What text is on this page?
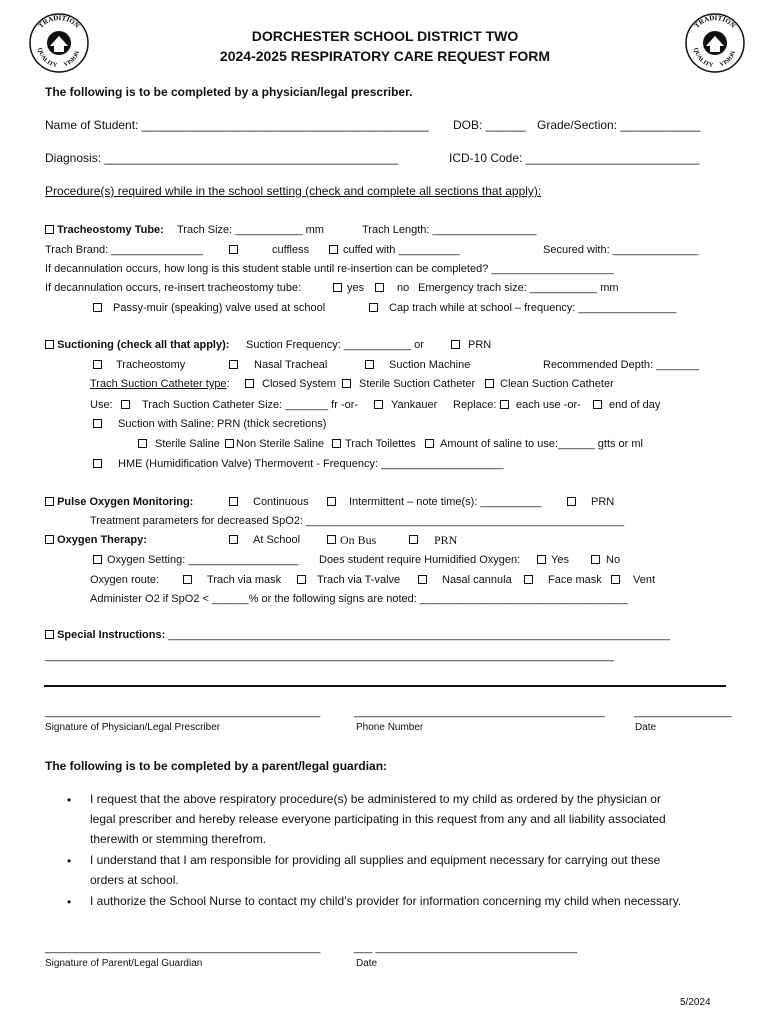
TRADITION
QUALITY VISION
TRADITION
QUALITY VISION
DORCHESTER SCHOOL DISTRICT TWO
2024-2025 RESPIRATORY CARE REQUEST FORM
The following is to be completed by a physician/legal prescriber.
Name of Student: ___________________________________________ DOB: ______ Grade/Section: ____________
Diagnosis: ____________________________________________	ICD-10 Code: __________________________
Procedure(s) required while in the school setting (check and complete all sections that apply):
Tracheostomy Tube: Trach Size: ___________ mm	Trach Length: _________________
Trach Brand: _______________	cuffless	cuffed with __________	Secured with: ______________
If decannulation occurs, how long is this student stable until re-insertion can be completed? ____________________
If decannulation occurs, re-insert tracheostomy tube:	yes	no Emergency trach size: ___________ mm
Passy-muir (speaking) valve used at school	Cap trach while at school – frequency: ________________
Suctioning (check all that apply): Suction Frequency: ___________ or	PRN
Tracheostomy	Nasal Tracheal	Suction Machine	Recommended Depth: _______
Trach Suction Catheter type:	Closed System Sterile Suction Catheter Clean Suction Catheter
Use:	Trach Suction Catheter Size: _______ fr -or-	Yankauer Replace: each use -or-	end of day
Suction with Saline: PRN (thick secretions)
Sterile Saline Non Sterile Saline Trach Toilettes Amount of saline to use:______ gtts or ml
HME (Humidification Valve) Thermovent - Frequency: ____________________
Pulse Oxygen Monitoring:	Continuous	Intermittent – note time(s): __________	PRN
Treatment parameters for decreased SpO2: ____________________________________________________
Oxygen Therapy:	At School	On Bus	PRN
Oxygen Setting: __________________ Does student require Humidified Oxygen:	Yes	No
Oxygen route:	Trach via mask	Trach via T-valve	Nasal cannula	Face mask	Vent
Administer O2 if SpO2 < ______% or the following signs are noted: __________________________________
Special Instructions: __________________________________________________________________________________
_____________________________________________________________________________________________
_____________________________________________
Signature of Physician/Legal Prescriber
_________________________________________
Phone Number
________________
Date
The following is to be completed by a parent/legal guardian:
• I request that the above respiratory procedure(s) be administered to my child as ordered by the physician or
legal prescriber and hereby release everyone participating in this request from any and all liability associated
therewith or stemming therefrom.
• I understand that I am responsible for providing all supplies and equipment necessary for carrying out these
orders at school.
• I authorize the School Nurse to contact my child’s provider for information concerning my child when necessary.
_____________________________________________
Signature of Parent/Legal Guardian
___ _________________________________
Date
5/2024
